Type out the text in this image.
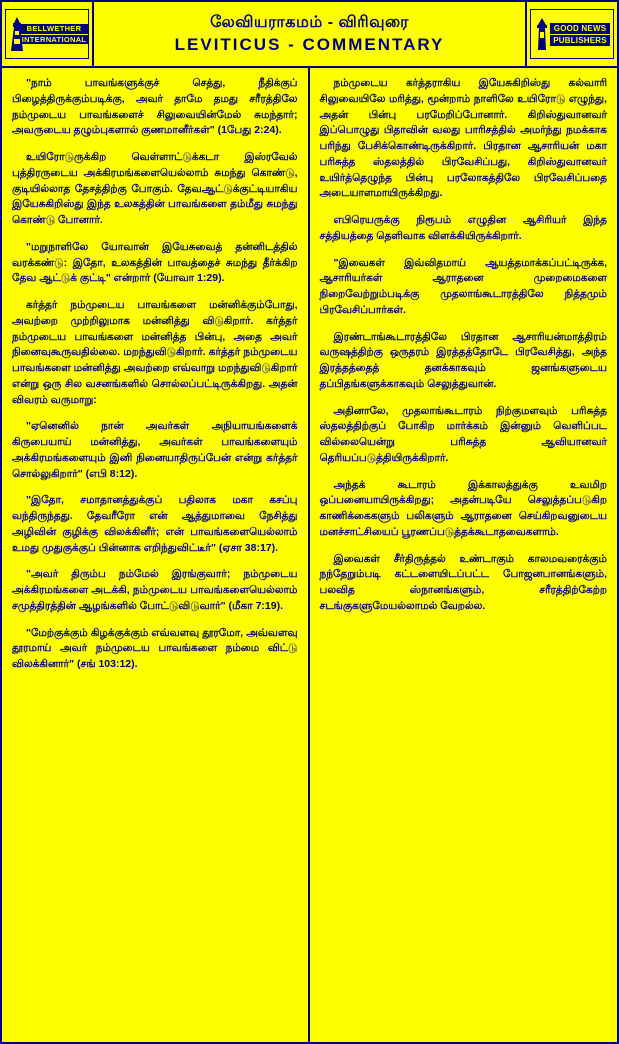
BELLWETHER
INTERNATIONAL
லேவியராகமம் - விரிவுரை
LEVITICUS - COMMENTARY
GOOD NEWS
PUBLISHERS

"நாம் பாவங்களுக்குச் செத்து, நீதிக்குப் பிழைத்திருக்கும்படிக்கு, அவர் தாமே தமது சரீரத்திலே நம்முடைய பாவங்களைச் சிலுவையின்மேல் சுமந்தார்; அவருடைய தழும்புகளால் குணமானீர்கள்" (1பேது 2:24).

உயிரோடுருக்கிற வெள்ளாட்டுக்கடா இஸ்ரவேல் புத்திரருடைய அக்கிரமங்களையெல்லாம் சுமந்து கொண்டு, குடியில்லாத தேசத்திற்கு போகும். தேவஆட்டுக்குட்டியாகிய இயேசுகிறிஸ்து இந்த உலகத்தின் பாவங்களை தம்மீது சுமந்து கொண்டு போனார்.

"மறுநாளிலே யோவான் இயேசுவைத் தன்னிடத்தில் வரக்கண்டு: இதோ, உலகத்தின் பாவத்தைச் சுமந்து தீர்க்கிற தேவ ஆட்டுக் குட்டி" என்றார் (யோவா 1:29).

கர்த்தர் நம்முடைய பாவங்களை மன்னிக்கும்போது, அவற்றை முற்றிலுமாக மன்னித்து விடுகிறார். கர்த்தர் நம்முடைய பாவங்களை மன்னித்த பின்பு, அதை அவர் நினைவுகூருவதில்லை. மறந்துவிடுகிறார். கர்த்தர் நம்முடைய பாவங்களை மன்னித்து அவற்றை எவ்வாறு மறந்துவிடுகிறார் என்று ஒரு சில வசனங்களில் சொல்லப்பட்டிருக்கிறது. அதன் விவரம் வருமாறு:

"ஏனெனில் நான் அவர்கள் அநியாயங்களைக் கிருபையாய் மன்னித்து, அவர்கள் பாவங்களையும் அக்கிரமங்களையும் இனி நினையாதிருப்பேன் என்று கர்த்தர் சொல்லுகிறார்" (எபி 8:12).

"இதோ, சமாதானத்துக்குப் பதிலாக மகா கசப்பு வந்திருந்தது. தேவரீரோ என் ஆத்துமாவை நேசித்து அழிவின் குழிக்கு விலக்கினீர்; என் பாவங்களையெல்லாம் உமது முதுகுக்குப் பின்னாக எறிந்துவிட்டீர்" (ஏசா 38:17).

"அவர் திரும்ப நம்மேல் இரங்குவார்; நம்முடைய அக்கிரமங்களை அடக்கி, நம்முடைய பாவங்களையெல்லாம் சமுத்திரத்தின் ஆழங்களில் போட்டுவிடுவார்" (மீகா 7:19).

"மேற்குக்கும் கிழக்குக்கும் எவ்வளவு தூரமோ, அவ்வளவு தூரமாய் அவர் நம்முடைய பாவங்களை நம்மை விட்டு விலக்கினார்" (சங் 103:12).

நம்முடைய கர்த்தராகிய இயேசுகிறிஸ்து கல்வாரி சிலுவையிலே மரித்து, மூன்றாம் நாளிலே உயிரோடு எழுந்து, அதன் பின்பு பரமேறிப்போனார். கிறிஸ்துவானவர் இப்பொழுது பிதாவின் வலது பாரிசத்தில் அமர்ந்து நமக்காக பரிந்து பேசிக்கொண்டிருக்கிறார். பிரதான ஆசாரியன் மகா பரிசுத்த ஸ்தலத்தில் பிரவேசிப்பது, கிறிஸ்துவானவர் உயிர்த்தெழுந்த பின்பு பரலோகத்திலே பிரவேசிப்பதை அடையாளமாயிருக்கிறது.

எபிரெயருக்கு நிரூபம் எழுதின ஆசிரியர் இந்த சத்தியத்தை தெளிவாக விளக்கியிருக்கிறார்.

"இவைகள் இவ்விதமாய் ஆயத்தமாக்கப்பட்டிருக்க, ஆசாரியர்கள் ஆராதனை முறைமைகளை நிறைவேற்றும்படிக்கு முதலாங்கூடாரத்திலே நித்தமும் பிரவேசிப்பார்கள்.

இரண்டாங்கூடாரத்திலே பிரதான ஆசாரியன்மாத்திரம் வருஷத்திற்கு ஒருதரம் இரத்தத்தோடே பிரவேசித்து, அந்த இரத்தத்தைத் தனக்காகவும் ஜனங்களுடைய தப்பிதங்களுக்காகவும் செலுத்துவான்.

அதினாலே, முதலாங்கூடாரம் நிற்குமளவும் பரிசுத்த ஸ்தலத்திற்குப் போகிற மார்க்கம் இன்னும் வெளிப்பட வில்லையென்று பரிசுத்த ஆவியானவர் தெரியப்படுத்தியிருக்கிறார்.

அந்தக் கூடாரம் இக்காலத்துக்கு உவமிற ஒப்பனையாயிருக்கிறது; அதன்படியே செலுத்தப்படுகிற காணிக்கைகளும் பலிகளும் ஆராதனை செய்கிறவனுடைய மனச்சாட்சியைப் பூரணப்படுத்தக்கூடாதவைகளாம்.

இவைகள் சீர்திருத்தல் உண்டாகும் காலமவரைக்கும் நந்தேறும்படி கட்டளையிடப்பட்ட போஜனபானங்களும், பலவித ஸ்நானங்களும், சரீரத்திற்கேற்ற சடங்குகளுமேயல்லாமல் வேறல்ல.
